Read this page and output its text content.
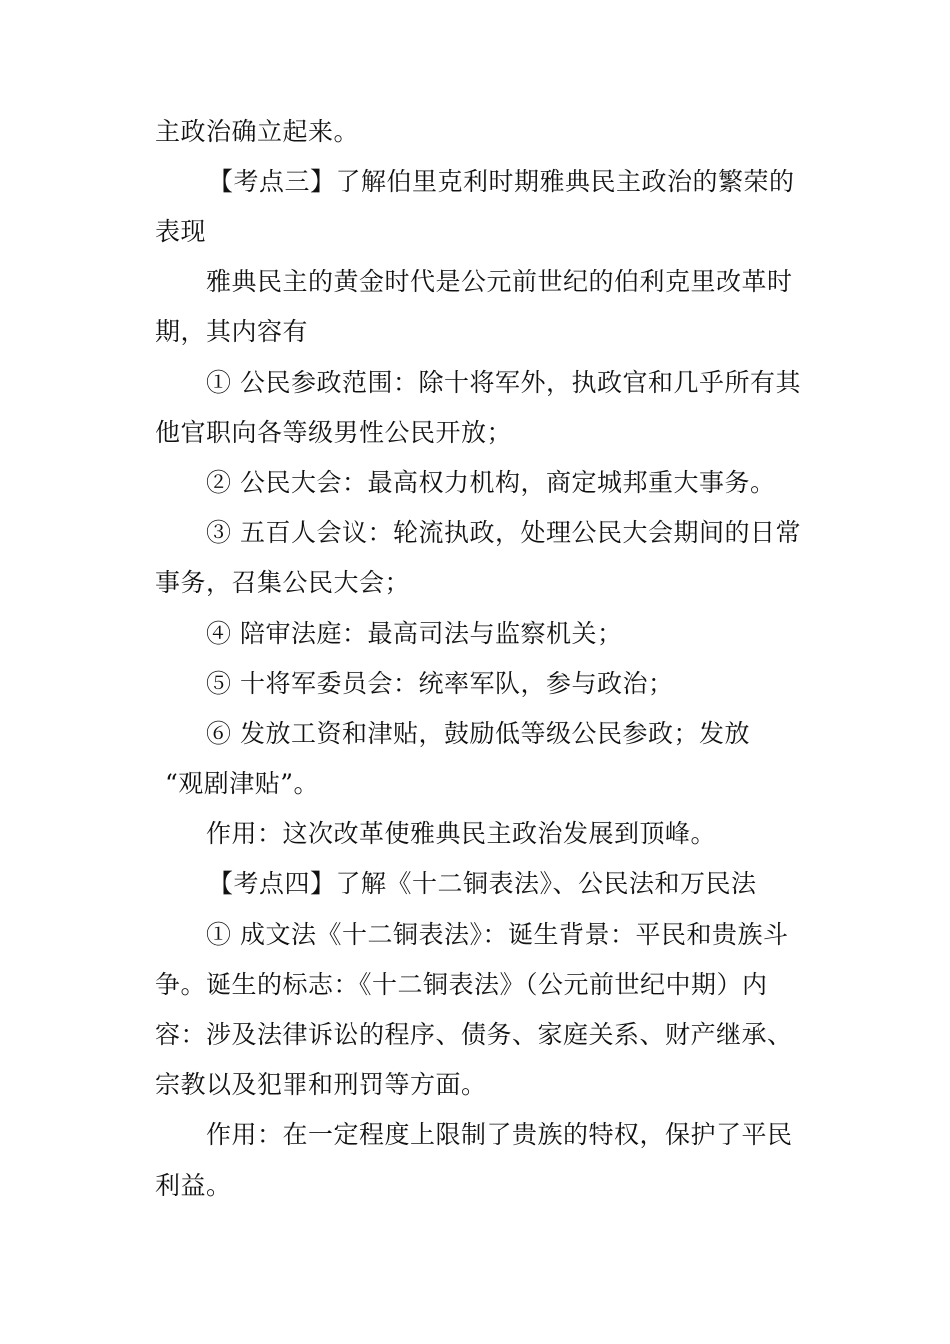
主政治确立起来。
【考点三】了解伯里克利时期雅典民主政治的繁荣的
表现
雅典民主的黄金时代是公元前世纪的伯利克里改革时
期，其内容有
① 公民参政范围：除十将军外，执政官和几乎所有其
他官职向各等级男性公民开放；
② 公民大会：最高权力机构，商定城邦重大事务。
③ 五百人会议：轮流执政，处理公民大会期间的日常
事务，召集公民大会；
④ 陪审法庭：最高司法与监察机关；
⑤ 十将军委员会：统率军队，参与政治；
⑥ 发放工资和津贴，鼓励低等级公民参政；发放
“观剧津贴”。
作用：这次改革使雅典民主政治发展到顶峰。
【考点四】了解《十二铜表法》、公民法和万民法
① 成文法《十二铜表法》：诞生背景：平民和贵族斗
争。诞生的标志：《十二铜表法》（公元前世纪中期）内
容：涉及法律诉讼的程序、债务、家庭关系、财产继承、
宗教以及犯罪和刑罚等方面。
作用：在一定程度上限制了贵族的特权，保护了平民
利益。
